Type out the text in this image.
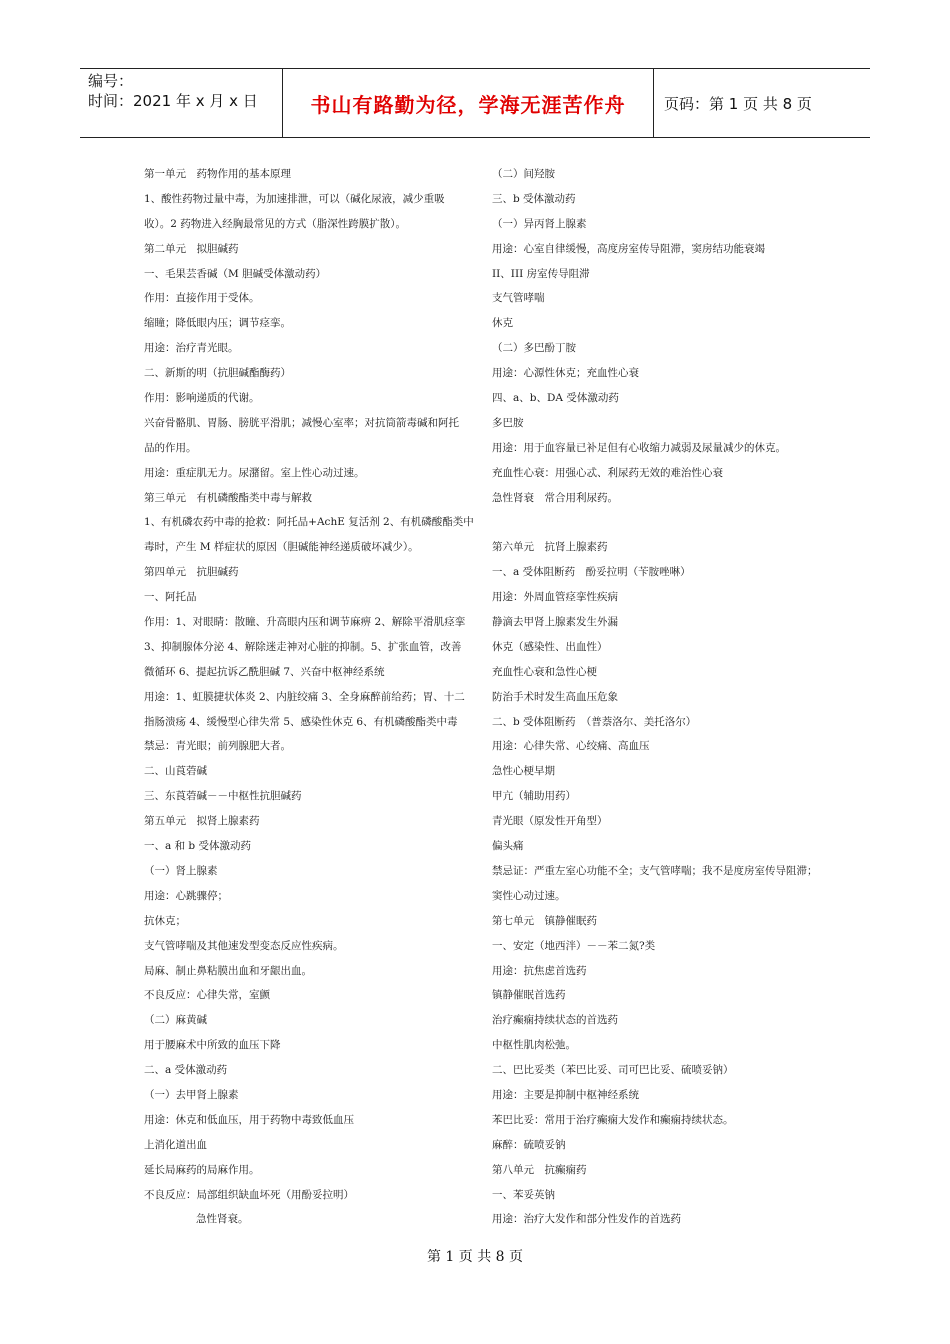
编号：
时间：2021 年 x 月 x 日	书山有路勤为径，学海无涯苦作舟	页码：第 1 页 共 8 页
第一单元　药物作用的基本原理
1、酸性药物过量中毒，为加速排泄，可以（碱化尿液，减少重吸
收）。2 药物进入经胸最常见的方式（脂深性跨膜扩散）。
第二单元　拟胆碱药
一、毛果芸香碱（M 胆碱受体激动药）
作用：直接作用于受体。
缩瞳；降低眼内压；调节痉挛。
用途：治疗青光眼。
二、新斯的明（抗胆碱酯酶药）
作用：影响递质的代谢。
兴奋骨骼肌、胃肠、膀胱平滑肌；减慢心室率；对抗筒箭毒碱和阿托
品的作用。
用途：重症肌无力。尿潴留。室上性心动过速。
第三单元　有机磷酸酯类中毒与解救
1、有机磷农药中毒的抢救：阿托品+AchE 复活剂 2、有机磷酸酯类中
毒时，产生 M 样症状的原因（胆碱能神经递质破坏减少）。
第四单元　抗胆碱药
一、阿托品
作用：1、对眼睛：散瞳、升高眼内压和调节麻痹 2、解除平滑肌痉挛
3、抑制腺体分泌 4、解除迷走神对心脏的抑制。5、扩张血管，改善
微循环 6、提起抗诉乙酰胆碱 7、兴奋中枢神经系统
用途：1、虹膜捷状体炎 2、内脏绞痛 3、全身麻醉前给药；胃、十二
指肠溃疡 4、缓慢型心律失常 5、感染性休克 6、有机磷酸酯类中毒
禁忌：青光眼；前列腺肥大者。
二、山莨菪碱
三、东莨菪碱－－中枢性抗胆碱药
第五单元　拟肾上腺素药
一、a 和 b 受体激动药
（一）肾上腺素
用途：心跳骤停；
抗休克；
支气管哮喘及其他速发型变态反应性疾病。
局麻、制止鼻粘膜出血和牙龈出血。
不良反应：心律失常，室颤
（二）麻黄碱
用于腰麻术中所致的血压下降
二、a 受体激动药
（一）去甲肾上腺素
用途：休克和低血压，用于药物中毒致低血压
上消化道出血
延长局麻药的局麻作用。
不良反应：局部组织缺血坏死（用酚妥拉明）
急性肾衰。
（二）间羟胺
三、b 受体激动药
（一）异丙肾上腺素
用途：心室自律缓慢，高度房室传导阻滞，窦房结功能衰竭
II、III 房室传导阻滞
支气管哮喘
休克
（二）多巴酚丁胺
用途：心源性休克；充血性心衰
四、a、b、DA 受体激动药
多巴胺
用途：用于血容量已补足但有心收缩力减弱及尿量减少的休克。
充血性心衰：用强心忒、利尿药无效的难治性心衰
急性肾衰　常合用利尿药。
第六单元　抗肾上腺素药
一、a 受体阻断药　酚妥拉明（苄胺唑啉）
用途：外周血管痉挛性疾病
静滴去甲肾上腺素发生外漏
休克（感染性、出血性）
充血性心衰和急性心梗
防治手术时发生高血压危象
二、b 受体阻断药　（普萘洛尔、美托洛尔）
用途：心律失常、心绞痛、高血压
急性心梗早期
甲亢（辅助用药）
青光眼（原发性开角型）
偏头痛
禁忌证：严重左室心功能不全；支气管哮喘；我不是度房室传导阻滞；
窦性心动过速。
第七单元　镇静催眠药
一、安定（地西泮）－－苯二氮?类
用途：抗焦虑首选药
镇静催眠首选药
治疗癫痫持续状态的首选药
中枢性肌肉松弛。
二、巴比妥类（苯巴比妥、司可巴比妥、硫喷妥钠）
用途：主要是抑制中枢神经系统
苯巴比妥：常用于治疗癫痫大发作和癫痫持续状态。
麻醉：硫喷妥钠
第八单元　抗癫痫药
一、苯妥英钠
用途：治疗大发作和部分性发作的首选药
第 1 页 共 8 页
